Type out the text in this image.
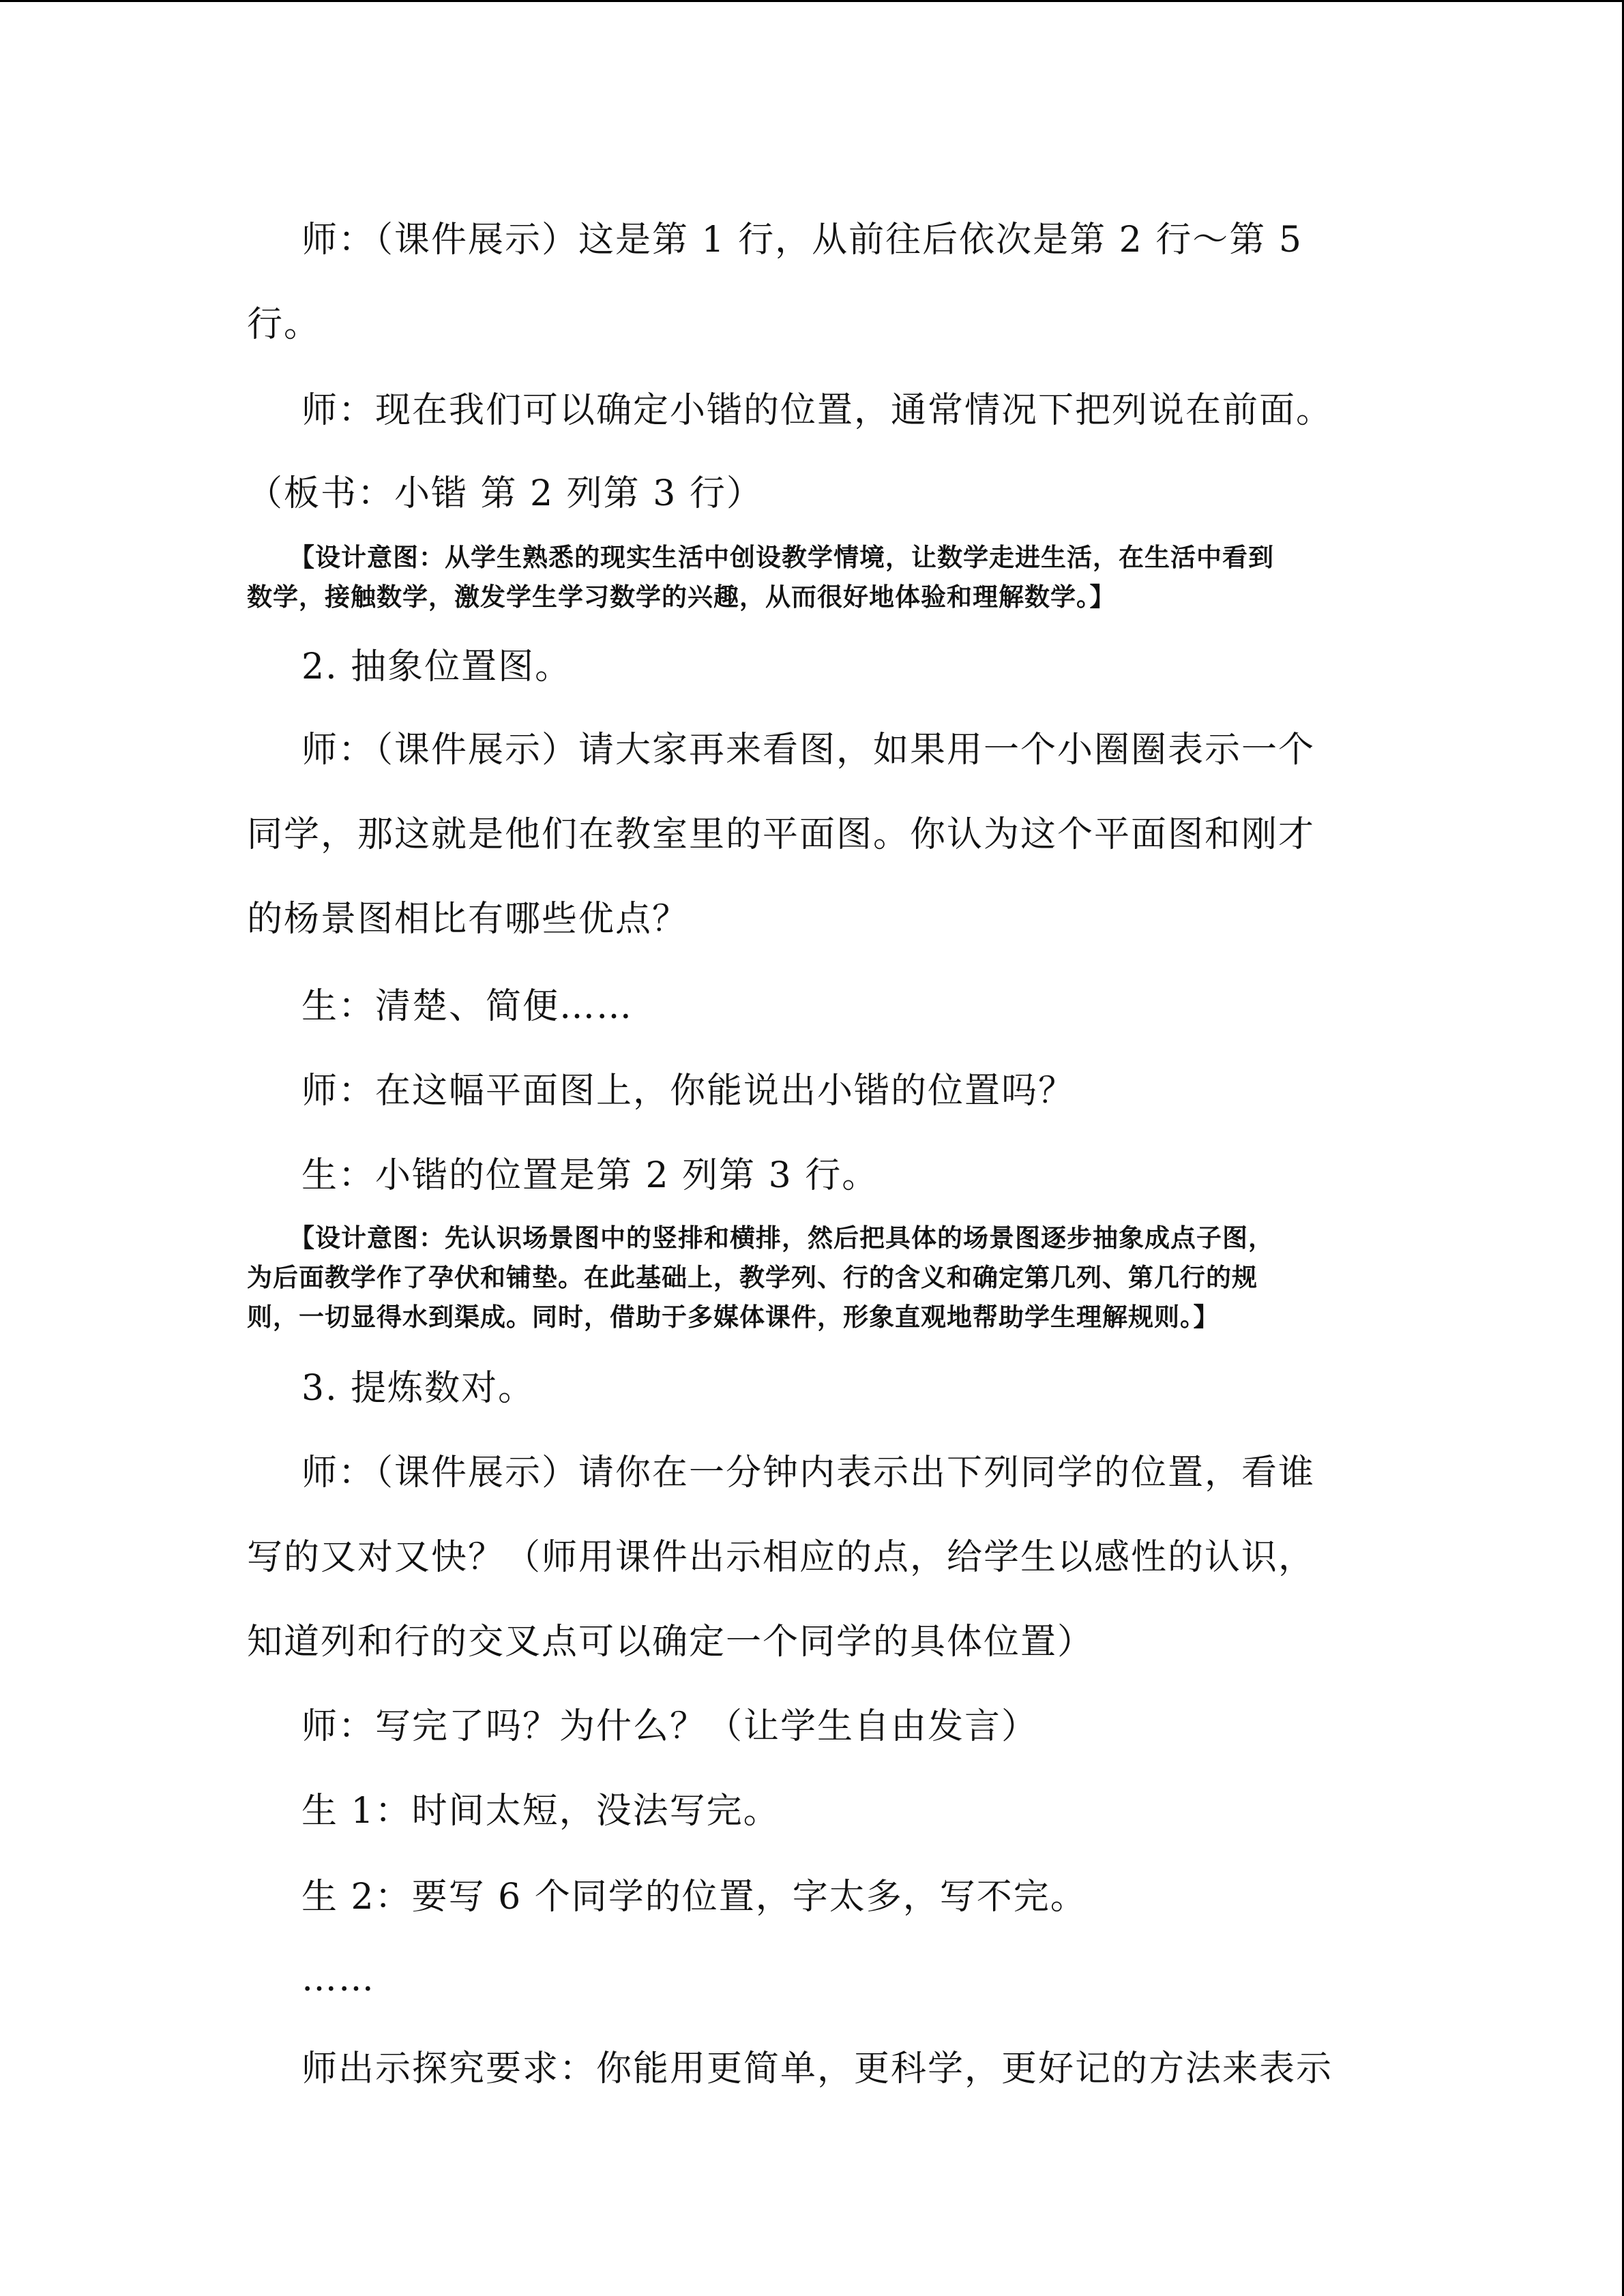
师：（课件展示）这是第 1 行，从前往后依次是第 2 行～第 5
行。
师：现在我们可以确定小锴的位置，通常情况下把列说在前面。
（板书：小锴 第 2 列第 3 行）
【设计意图：从学生熟悉的现实生活中创设教学情境，让数学走进生活，在生活中看到
数学，接触数学，激发学生学习数学的兴趣，从而很好地体验和理解数学。】
2. 抽象位置图。
师：（课件展示）请大家再来看图，如果用一个小圈圈表示一个
同学，那这就是他们在教室里的平面图。你认为这个平面图和刚才
的杨景图相比有哪些优点？
生：清楚、简便……
师：在这幅平面图上，你能说出小锴的位置吗？
生：小锴的位置是第 2 列第 3 行。
【设计意图：先认识场景图中的竖排和横排，然后把具体的场景图逐步抽象成点子图，
为后面教学作了孕伏和铺垫。在此基础上，教学列、行的含义和确定第几列、第几行的规
则，一切显得水到渠成。同时，借助于多媒体课件，形象直观地帮助学生理解规则。】
3. 提炼数对。
师：（课件展示）请你在一分钟内表示出下列同学的位置，看谁
写的又对又快？（师用课件出示相应的点，给学生以感性的认识，
知道列和行的交叉点可以确定一个同学的具体位置）
师：写完了吗？为什么？（让学生自由发言）
生 1：时间太短，没法写完。
生 2：要写 6 个同学的位置，字太多，写不完。
……
师出示探究要求：你能用更简单，更科学，更好记的方法来表示
